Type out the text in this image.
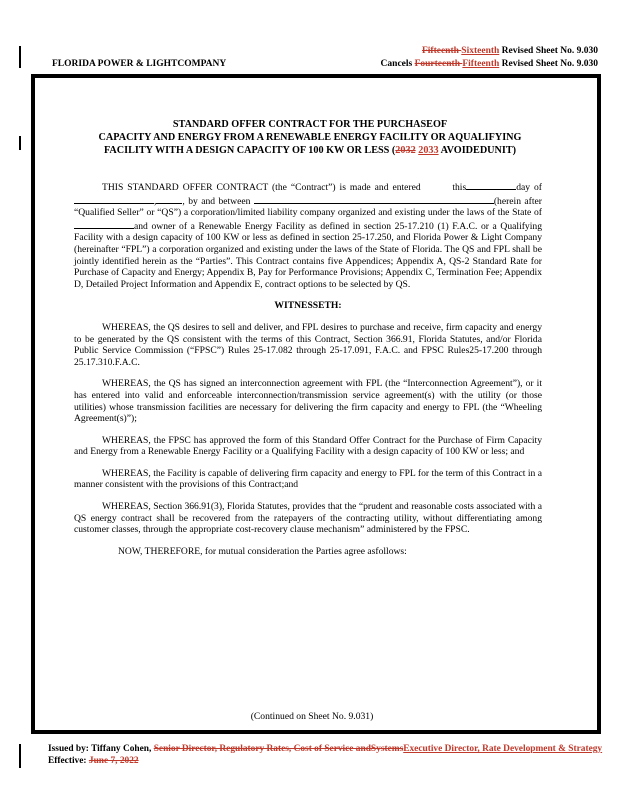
FLORIDA POWER & LIGHTCOMPANY
Fifteenth Sixteenth Revised Sheet No. 9.030
Cancels Fourteenth Fifteenth Revised Sheet No. 9.030
STANDARD OFFER CONTRACT FOR THE PURCHASEOF
CAPACITY AND ENERGY FROM A RENEWABLE ENERGY FACILITY OR AQUALIFYING
FACILITY WITH A DESIGN CAPACITY OF 100 KW OR LESS (2032 2033 AVOIDEDUNIT)

THIS STANDARD OFFER CONTRACT (the “Contract”) is made and entered	this	day of ,	, by and between	(herein after “Qualified Seller” or “QS”) a corporation/limited liability company organized and existing under the laws of the State of and owner of a Renewable Energy Facility as defined in section 25-17.210 (1) F.A.C. or a Qualifying Facility with a design capacity of 100 KW or less as defined in section 25-17.250, and Florida Power & Light Company (hereinafter “FPL”) a corporation organized and existing under the laws of the State of Florida. The QS and FPL shall be jointly identified herein as the “Parties”. This Contract contains five Appendices; Appendix A, QS-2 Standard Rate for Purchase of Capacity and Energy; Appendix B, Pay for Performance Provisions; Appendix C, Termination Fee; Appendix D, Detailed Project Information and Appendix E, contract options to be selected by QS.

WITNESSETH:

WHEREAS, the QS desires to sell and deliver, and FPL desires to purchase and receive, firm capacity and energy to be generated by the QS consistent with the terms of this Contract, Section 366.91, Florida Statutes, and/or Florida Public Service Commission (“FPSC”) Rules 25-17.082 through 25-17.091, F.A.C. and FPSC Rules25-17.200 through 25.17.310.F.A.C.

WHEREAS, the QS has signed an interconnection agreement with FPL (the “Interconnection Agreement”), or it has entered into valid and enforceable interconnection/transmission service agreement(s) with the utility (or those utilities) whose transmission facilities are necessary for delivering the firm capacity and energy to FPL (the “Wheeling Agreement(s)”);

WHEREAS, the FPSC has approved the form of this Standard Offer Contract for the Purchase of Firm Capacity and Energy from a Renewable Energy Facility or a Qualifying Facility with a design capacity of 100 KW or less; and

WHEREAS, the Facility is capable of delivering firm capacity and energy to FPL for the term of this Contract in a manner consistent with the provisions of this Contract;and

WHEREAS, Section 366.91(3), Florida Statutes, provides that the “prudent and reasonable costs associated with a QS energy contract shall be recovered from the ratepayers of the contracting utility, without differentiating among customer classes, through the appropriate cost-recovery clause mechanism” administered by the FPSC.

NOW, THEREFORE, for mutual consideration the Parties agree asfollows:

(Continued on Sheet No. 9.031)
Issued by: Tiffany Cohen, Senior Director, Regulatory Rates, Cost of Service andSystemsExecutive Director, Rate Development & Strategy
Effective: June 7, 2022
